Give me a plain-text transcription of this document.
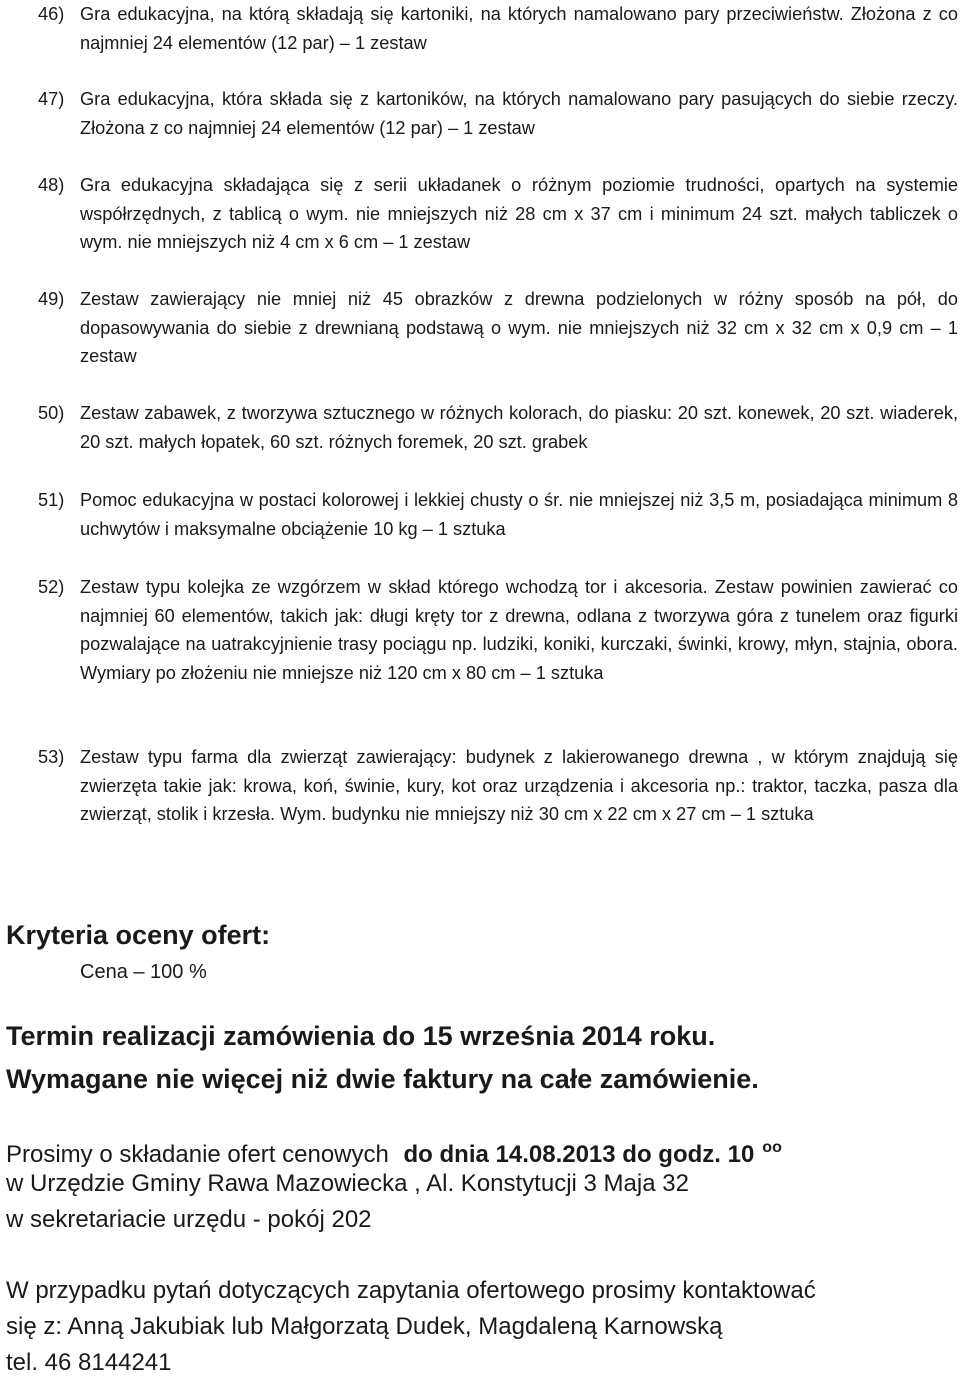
46) Gra edukacyjna, na którą składają się kartoniki, na których namalowano pary przeciwieństw. Złożona z co najmniej 24 elementów (12 par) – 1 zestaw
47) Gra edukacyjna, która składa się z kartoników, na których namalowano pary pasujących do siebie rzeczy. Złożona z co najmniej 24 elementów (12 par) – 1 zestaw
48) Gra edukacyjna składająca się z serii układanek o różnym poziomie trudności, opartych na systemie współrzędnych, z tablicą o wym. nie mniejszych niż 28 cm x 37 cm i minimum 24 szt. małych tabliczek o wym. nie mniejszych niż 4 cm x 6 cm – 1 zestaw
49) Zestaw zawierający nie mniej niż 45 obrazków z drewna podzielonych w różny sposób na pół, do dopasowywania do siebie z drewnianą podstawą o wym. nie mniejszych niż 32 cm x 32 cm x 0,9 cm – 1 zestaw
50) Zestaw zabawek, z tworzywa sztucznego w różnych kolorach, do piasku: 20 szt. konewek, 20 szt. wiaderek, 20 szt. małych łopatek, 60 szt. różnych foremek, 20 szt. grabek
51) Pomoc edukacyjna w postaci kolorowej i lekkiej chusty o śr. nie mniejszej niż 3,5 m, posiadająca minimum 8 uchwytów i maksymalne obciążenie 10 kg – 1 sztuka
52) Zestaw typu kolejka ze wzgórzem w skład którego wchodzą tor i akcesoria. Zestaw powinien zawierać co najmniej 60 elementów, takich jak: długi kręty tor z drewna, odlana z tworzywa góra z tunelem oraz figurki pozwalające na uatrakcyjnienie trasy pociągu np. ludziki, koniki, kurczaki, świnki, krowy, młyn, stajnia, obora. Wymiary po złożeniu nie mniejsze niż 120 cm x 80 cm – 1 sztuka
53) Zestaw typu farma dla zwierząt zawierający: budynek z lakierowanego drewna , w którym znajdują się zwierzęta takie jak: krowa, koń, świnie, kury, kot oraz urządzenia i akcesoria np.: traktor, taczka, pasza dla zwierząt, stolik i krzesła. Wym. budynku nie mniejszy niż 30 cm x 22 cm x 27 cm – 1 sztuka
Kryteria oceny ofert:
Cena – 100 %
Termin realizacji zamówienia do 15 września 2014 roku.
Wymagane nie więcej niż dwie faktury na całe zamówienie.
Prosimy o składanie ofert cenowych do dnia 14.08.2013 do godz. 10 $^{oo}$
w Urzędzie Gminy Rawa Mazowiecka , Al. Konstytucji 3 Maja 32
w sekretariacie urzędu - pokój 202
W przypadku pytań dotyczących zapytania ofertowego prosimy kontaktować
się z: Anną Jakubiak lub Małgorzatą Dudek, Magdaleną Karnowską
tel. 46 8144241
